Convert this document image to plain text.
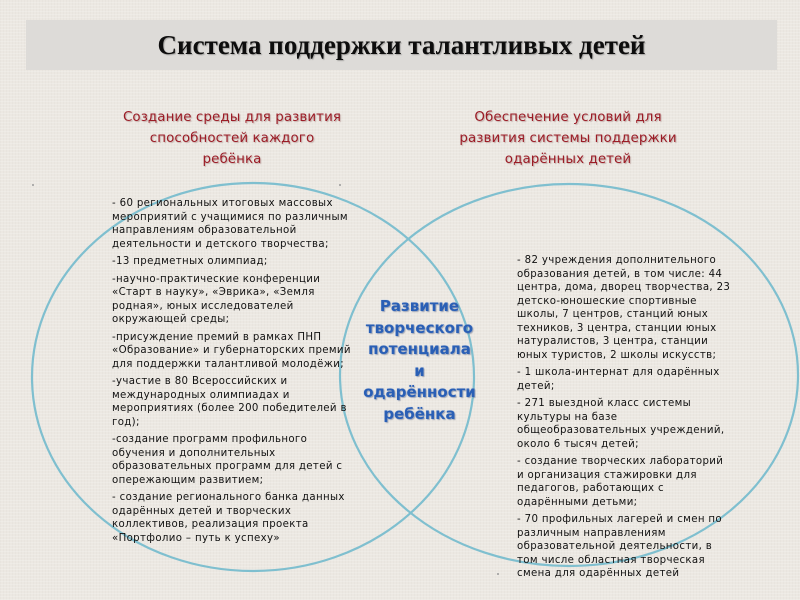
Система поддержки талантливых детей
Создание среды для развития
способностей каждого
ребёнка
Обеспечение условий для
развития системы поддержки
одарённых детей

- 60 региональных итоговых массовых мероприятий с учащимися по различным направлениям образовательной деятельности и детского творчества;

-13 предметных олимпиад;

-научно-практические конференции «Старт в науку», «Эврика», «Земля родная», юных исследователей окружающей среды;

-присуждение премий в рамках ПНП «Образование» и губернаторских премий для поддержки талантливой молодёжи;

-участие в 80 Всероссийских и международных олимпиадах и мероприятиях (более 200 победителей в год);

-создание программ профильного обучения и дополнительных образовательных программ для детей с опережающим развитием;

- создание регионального банка данных одарённых детей и творческих коллективов, реализация проекта «Портфолио – путь к успеху»

Развитие
творческого
потенциала
и
одарённости
ребёнка

- 82 учреждения дополнительного образования детей, в том числе: 44 центра, дома, дворец творчества, 23 детско-юношеские спортивные школы, 7 центров, станций юных техников, 3 центра, станции юных натуралистов, 3 центра, станции юных туристов, 2 школы искусств;

- 1 школа-интернат для одарённых детей;

- 271 выездной класс системы культуры на базе общеобразовательных учреждений, около 6 тысяч детей;

- создание творческих лабораторий и организация стажировки для педагогов, работающих с одарёнными детьми;

- 70 профильных лагерей и смен по различным направлениям образовательной деятельности, в том числе областная творческая смена для одарённых детей
